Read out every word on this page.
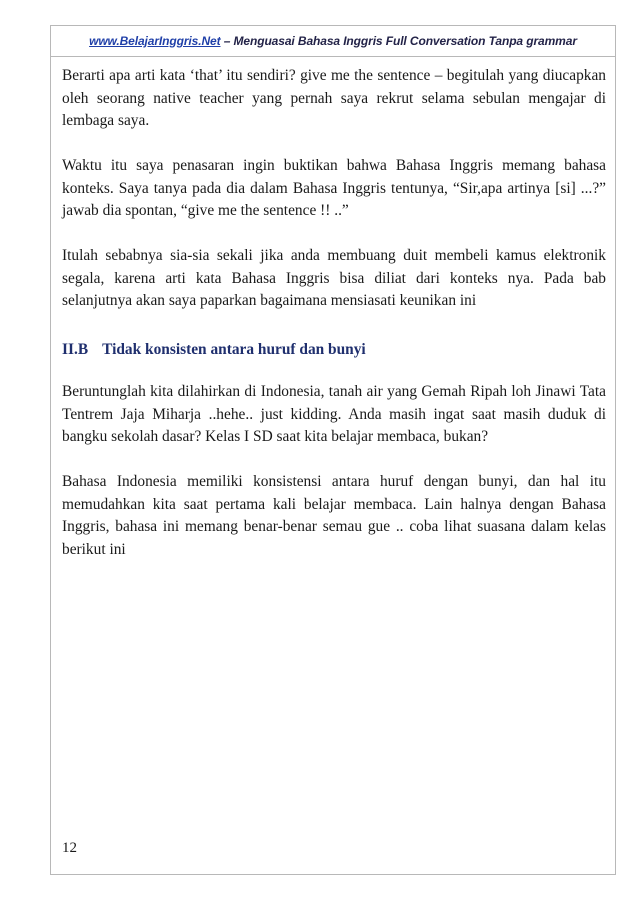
www.BelajarInggris.Net – Menguasai Bahasa Inggris Full Conversation Tanpa grammar

Berarti apa arti kata ‘that’ itu sendiri? give me the sentence – begitulah yang diucapkan oleh seorang native teacher yang pernah saya rekrut selama sebulan mengajar di lembaga saya.

Waktu itu saya penasaran ingin buktikan bahwa Bahasa Inggris memang bahasa konteks. Saya tanya pada dia dalam Bahasa Inggris tentunya, “Sir,apa artinya [si] ...?” jawab dia spontan, “give me the sentence !! ..”

Itulah sebabnya sia-sia sekali jika anda membuang duit membeli kamus elektronik segala, karena arti kata Bahasa Inggris bisa diliat dari konteks nya. Pada bab selanjutnya akan saya paparkan bagaimana mensiasati keunikan ini

II.B Tidak konsisten antara huruf dan bunyi

Beruntunglah kita dilahirkan di Indonesia, tanah air yang Gemah Ripah loh Jinawi Tata Tentrem Jaja Miharja ..hehe.. just kidding. Anda masih ingat saat masih duduk di bangku sekolah dasar? Kelas I SD saat kita belajar membaca, bukan?

Bahasa Indonesia memiliki konsistensi antara huruf dengan bunyi, dan hal itu memudahkan kita saat pertama kali belajar membaca. Lain halnya dengan Bahasa Inggris, bahasa ini memang benar-benar semau gue .. coba lihat suasana dalam kelas berikut ini

12
